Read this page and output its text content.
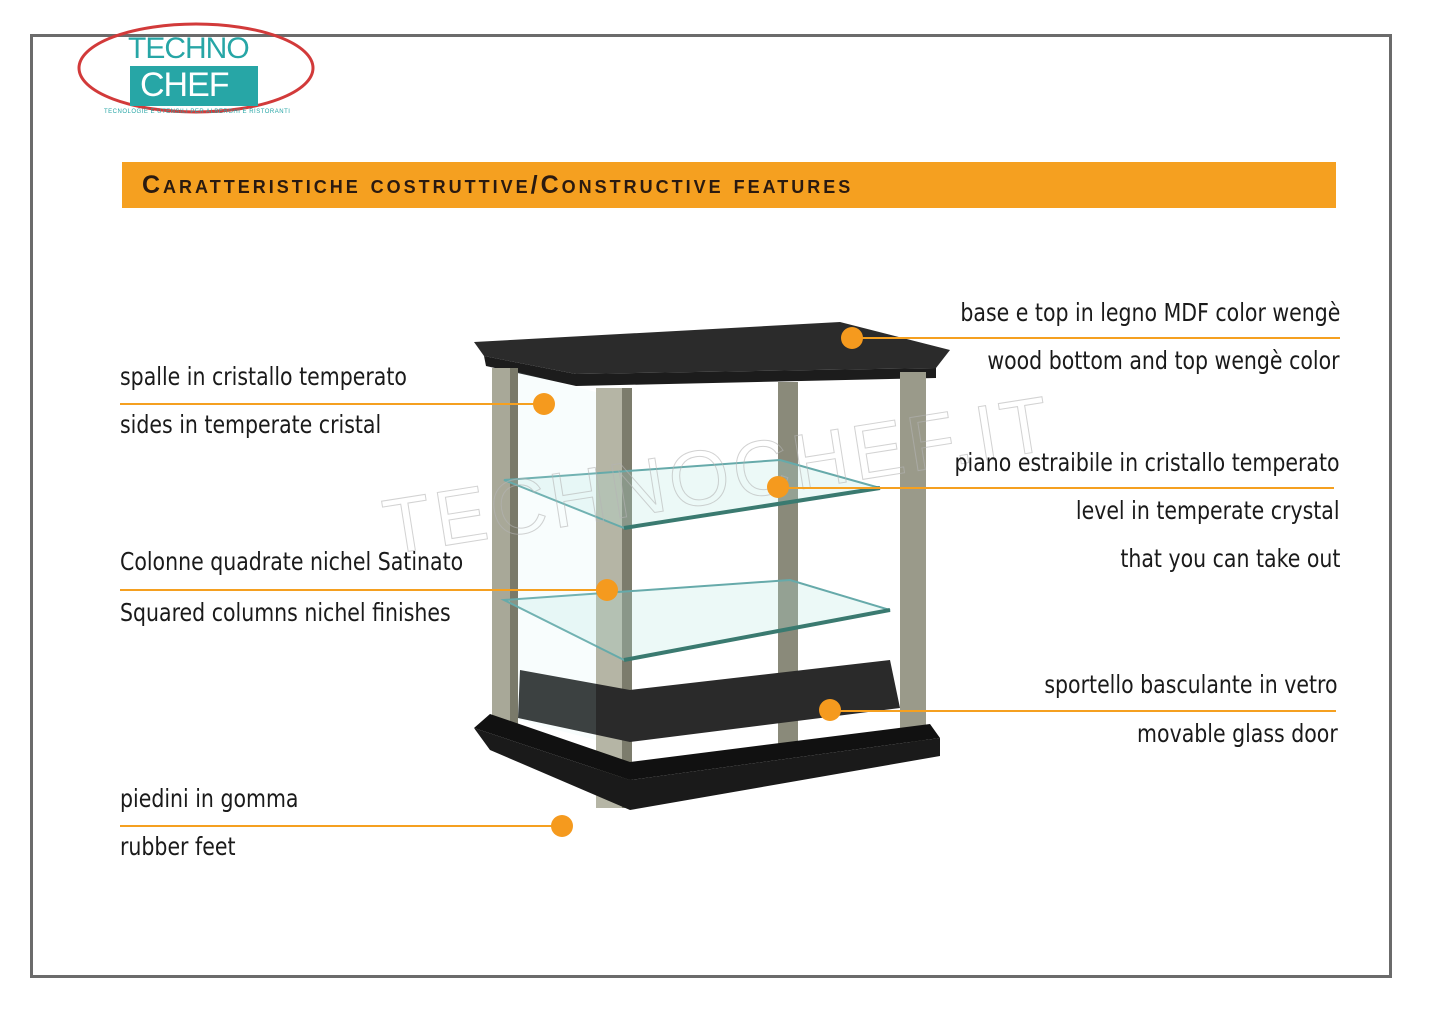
TECHNO
CHEF
TECNOLOGIE E UTENSILI PER ALBERGHI E RISTORANTI
Caratteristiche costruttive/Constructive features
base e top in legno MDF color wengè
wood bottom and top wengè color
spalle in cristallo temperato
sides in temperate cristal
piano estraibile in cristallo temperato
level in temperate crystal
that you can take out
Colonne quadrate nichel Satinato
Squared columns nichel finishes
sportello basculante in vetro
movable glass door
piedini in gomma
rubber feet
